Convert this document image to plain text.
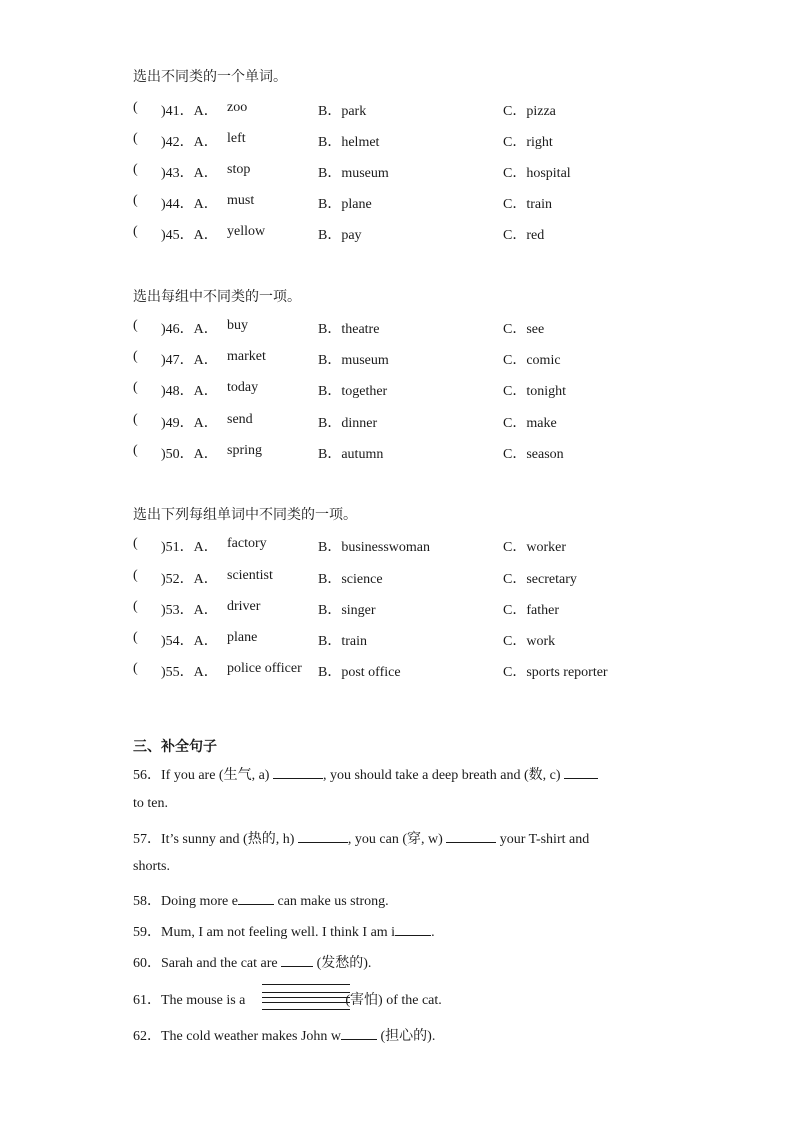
选出不同类的一个单词。
( )41．A． zoo	B．park	C．pizza
( )42．A． left	B．helmet	C．right
( )43．A． stop	B．museum	C．hospital
( )44．A． must	B．plane	C．train
( )45．A． yellow	B．pay	C．red
选出每组中不同类的一项。
( )46．A． buy	B．theatre	C．see
( )47．A． market	B．museum	C．comic
( )48．A． today	B．together	C．tonight
( )49．A． send	B．dinner	C．make
( )50．A． spring	B．autumn	C．season
选出下列每组单词中不同类的一项。
( )51．A． factory	B．businesswoman	C．worker
( )52．A． scientist	B．science	C．secretary
( )53．A． driver	B．singer	C．father
( )54．A． plane	B．train	C．work
( )55．A． police officer B．post office	C．sports reporter
三、补全句子
56．If you are (生气, a)	, you should take a deep breath and (数, c)
to ten.
57．It’s sunny and (热的, h)	, you can (穿, w)	your T-shirt and
shorts.
58．Doing more e	can make us strong.
59．Mum, I am not feeling well. I think I am i	.
60．Sarah and the cat are  (发愁的).
61．The mouse is a	(害怕) of the cat.
62．The cold weather makes John w	(担心的).
